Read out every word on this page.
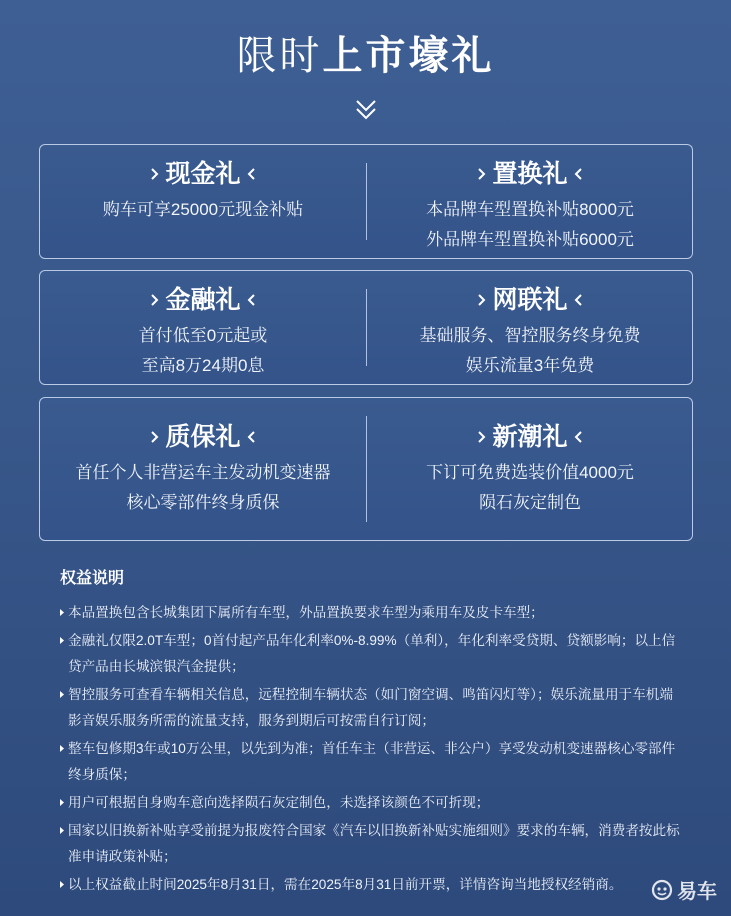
限时上市壕礼
现金礼

购车可享25000元现金补贴

置换礼

本品牌车型置换补贴8000元

外品牌车型置换补贴6000元

金融礼

首付低至0元起或

至高8万24期0息

网联礼

基础服务、智控服务终身免费

娱乐流量3年免费

质保礼

首任个人非营运车主发动机变速器

核心零部件终身质保

新潮礼

下订可免费选装价值4000元

陨石灰定制色

权益说明
本品置换包含长城集团下属所有车型，外品置换要求车型为乘用车及皮卡车型；
金融礼仅限2.0T车型；0首付起产品年化利率0%-8.99%（单利），年化利率受贷期、贷额影响；以上信贷产品由长城滨银汽金提供；
智控服务可查看车辆相关信息，远程控制车辆状态（如门窗空调、鸣笛闪灯等）；娱乐流量用于车机端影音娱乐服务所需的流量支持，服务到期后可按需自行订阅；
整车包修期3年或10万公里，以先到为准；首任车主（非营运、非公户）享受发动机变速器核心零部件终身质保；
用户可根据自身购车意向选择陨石灰定制色，未选择该颜色不可折现；
国家以旧换新补贴享受前提为报废符合国家《汽车以旧换新补贴实施细则》要求的车辆，消费者按此标准申请政策补贴；
以上权益截止时间2025年8月31日，需在2025年8月31日前开票，详情咨询当地授权经销商。	易车
